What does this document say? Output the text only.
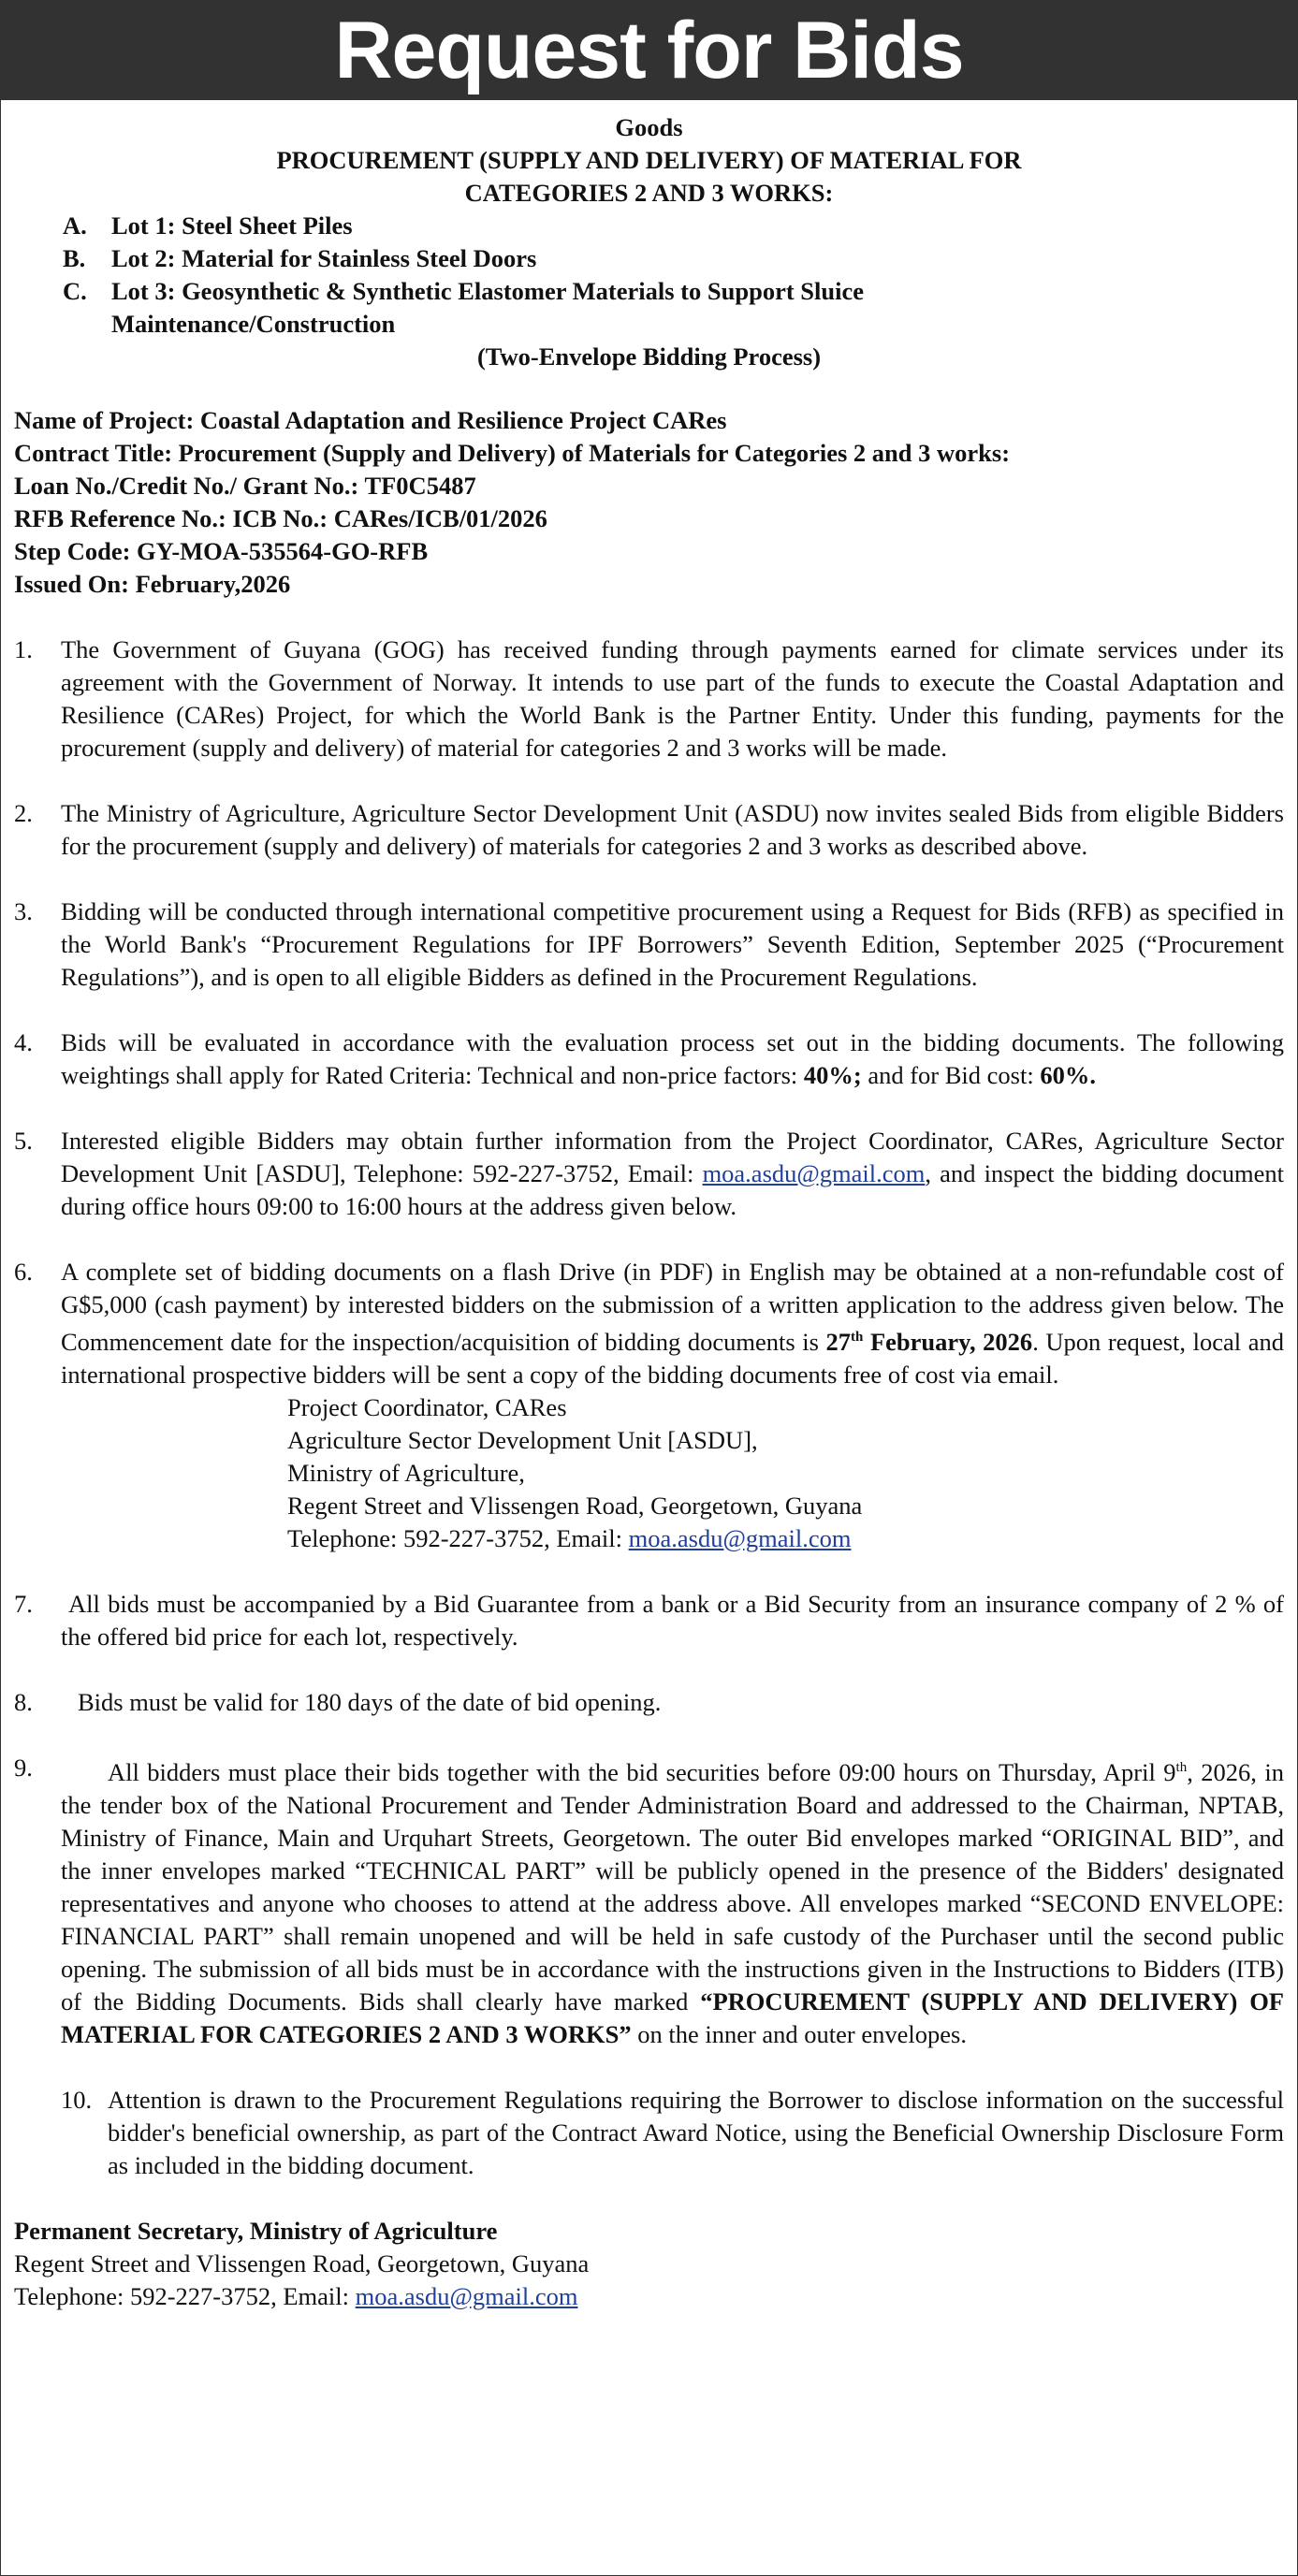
Request for Bids
Goods
PROCUREMENT (SUPPLY AND DELIVERY) OF MATERIAL FOR
CATEGORIES 2 AND 3 WORKS:
A. Lot 1: Steel Sheet Piles
B.	Lot 2: Material for Stainless Steel Doors
C. Lot 3: Geosynthetic & Synthetic Elastomer Materials to Support Sluice Maintenance/Construction
(Two-Envelope Bidding Process)
Name of Project: Coastal Adaptation and Resilience Project CARes
Contract Title: Procurement (Supply and Delivery) of Materials for Categories 2 and 3 works:
Loan No./Credit No./ Grant No.: TF0C5487
RFB Reference No.: ICB No.: CARes/ICB/01/2026
Step Code: GY-MOA-535564-GO-RFB
Issued On: February,2026
1.	The Government of Guyana (GOG) has received funding through payments earned for climate services under its agreement with the Government of Norway. It intends to use part of the funds to execute the Coastal Adaptation and Resilience (CARes) Project, for which the World Bank is the Partner Entity. Under this funding, payments for the procurement (supply and delivery) of material for categories 2 and 3 works will be made.
2.	The Ministry of Agriculture, Agriculture Sector Development Unit (ASDU) now invites sealed Bids from eligible Bidders for the procurement (supply and delivery) of materials for categories 2 and 3 works as described above.
3.	Bidding will be conducted through international competitive procurement using a Request for Bids (RFB) as specified in the World Bank's “Procurement Regulations for IPF Borrowers” Seventh Edition, September 2025 (“Procurement Regulations”), and is open to all eligible Bidders as defined in the Procurement Regulations.
4.	Bids will be evaluated in accordance with the evaluation process set out in the bidding documents. The following weightings shall apply for Rated Criteria: Technical and non-price factors: 40%; and for Bid cost: 60%.
5.	Interested eligible Bidders may obtain further information from the Project Coordinator, CARes, Agriculture Sector Development Unit [ASDU], Telephone: 592-227-3752, Email: moa.asdu@gmail.com, and inspect the bidding document during office hours 09:00 to 16:00 hours at the address given below.
6.	A complete set of bidding documents on a flash Drive (in PDF) in English may be obtained at a non-refundable cost of G$5,000 (cash payment) by interested bidders on the submission of a written application to the address given below. The Commencement date for the inspection/acquisition of bidding documents is 27th February, 2026. Upon request, local and international prospective bidders will be sent a copy of the bidding documents free of cost via email.
Project Coordinator, CARes
Agriculture Sector Development Unit [ASDU],
Ministry of Agriculture,
Regent Street and Vlissengen Road, Georgetown, Guyana
Telephone: 592-227-3752, Email: moa.asdu@gmail.com
7.	All bids must be accompanied by a Bid Guarantee from a bank or a Bid Security from an insurance company of 2 % of the offered bid price for each lot, respectively.
8.	Bids must be valid for 180 days of the date of bid opening.
9.	All bidders must place their bids together with the bid securities before 09:00 hours on Thursday, April 9th, 2026, in the tender box of the National Procurement and Tender Administration Board and addressed to the Chairman, NPTAB, Ministry of Finance, Main and Urquhart Streets, Georgetown. The outer Bid envelopes marked “ORIGINAL BID”, and the inner envelopes marked “TECHNICAL PART” will be publicly opened in the presence of the Bidders' designated representatives and anyone who chooses to attend at the address above. All envelopes marked “SECOND ENVELOPE: FINANCIAL PART” shall remain unopened and will be held in safe custody of the Purchaser until the second public opening. The submission of all bids must be in accordance with the instructions given in the Instructions to Bidders (ITB) of the Bidding Documents. Bids shall clearly have marked “PROCUREMENT (SUPPLY AND DELIVERY) OF MATERIAL FOR CATEGORIES 2 AND 3 WORKS” on the inner and outer envelopes.
10. Attention is drawn to the Procurement Regulations requiring the Borrower to disclose information on the successful bidder's beneficial ownership, as part of the Contract Award Notice, using the Beneficial Ownership Disclosure Form as included in the bidding document.
Permanent Secretary, Ministry of Agriculture
Regent Street and Vlissengen Road, Georgetown, Guyana
Telephone: 592-227-3752, Email: moa.asdu@gmail.com
